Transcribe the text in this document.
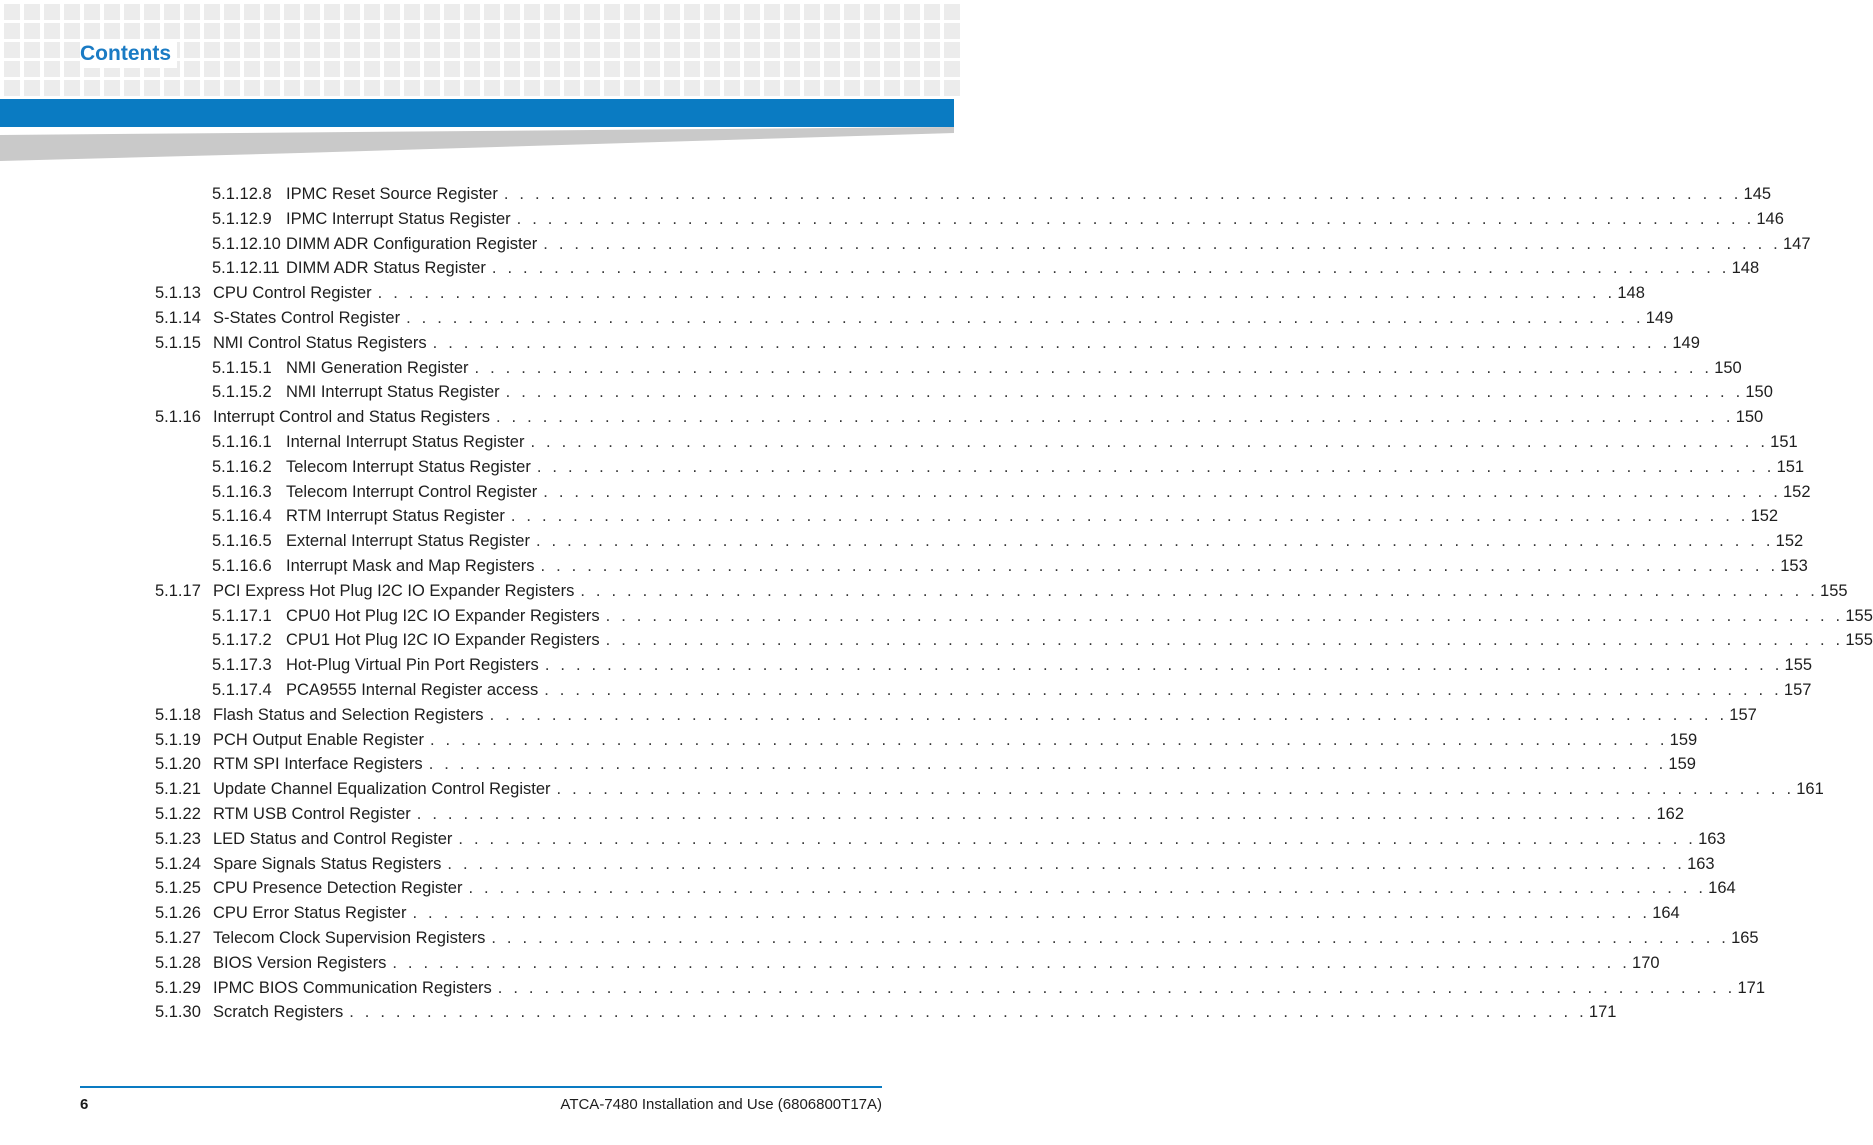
Contents
5.1.12.8 IPMC Reset Source Register . . . . . . . . . . . . . . . . . . . . . . . . . . . . . . . . . . . . . . . . . . . . . . . . . . . . . . . . . . . . . . . . . . . . . . . . . . . . . . . . 145
5.1.12.9 IPMC Interrupt Status Register . . . . . . . . . . . . . . . . . . . . . . . . . . . . . . . . . . . . . . . . . . . . . . . . . . . . . . . . . . . . . . . . . . . . . . . . . . . . . . . . 146
5.1.12.10 DIMM ADR Configuration Register . . . . . . . . . . . . . . . . . . . . . . . . . . . . . . . . . . . . . . . . . . . . . . . . . . . . . . . . . . . . . . . . . . . . . . . . . . . . . . . . 147
5.1.12.11 DIMM ADR Status Register . . . . . . . . . . . . . . . . . . . . . . . . . . . . . . . . . . . . . . . . . . . . . . . . . . . . . . . . . . . . . . . . . . . . . . . . . . . . . . . . 148
5.1.13 CPU Control Register . . . . . . . . . . . . . . . . . . . . . . . . . . . . . . . . . . . . . . . . . . . . . . . . . . . . . . . . . . . . . . . . . . . . . . . . . . . . . . . . 148
5.1.14 S-States Control Register . . . . . . . . . . . . . . . . . . . . . . . . . . . . . . . . . . . . . . . . . . . . . . . . . . . . . . . . . . . . . . . . . . . . . . . . . . . . . . . . 149
5.1.15 NMI Control Status Registers . . . . . . . . . . . . . . . . . . . . . . . . . . . . . . . . . . . . . . . . . . . . . . . . . . . . . . . . . . . . . . . . . . . . . . . . . . . . . . . . 149
5.1.15.1 NMI Generation Register . . . . . . . . . . . . . . . . . . . . . . . . . . . . . . . . . . . . . . . . . . . . . . . . . . . . . . . . . . . . . . . . . . . . . . . . . . . . . . . . 150
5.1.15.2 NMI Interrupt Status Register . . . . . . . . . . . . . . . . . . . . . . . . . . . . . . . . . . . . . . . . . . . . . . . . . . . . . . . . . . . . . . . . . . . . . . . . . . . . . . . . 150
5.1.16 Interrupt Control and Status Registers . . . . . . . . . . . . . . . . . . . . . . . . . . . . . . . . . . . . . . . . . . . . . . . . . . . . . . . . . . . . . . . . . . . . . . . . . . . . . . . . 150
5.1.16.1 Internal Interrupt Status Register . . . . . . . . . . . . . . . . . . . . . . . . . . . . . . . . . . . . . . . . . . . . . . . . . . . . . . . . . . . . . . . . . . . . . . . . . . . . . . . . 151
5.1.16.2 Telecom Interrupt Status Register . . . . . . . . . . . . . . . . . . . . . . . . . . . . . . . . . . . . . . . . . . . . . . . . . . . . . . . . . . . . . . . . . . . . . . . . . . . . . . . . 151
5.1.16.3 Telecom Interrupt Control Register . . . . . . . . . . . . . . . . . . . . . . . . . . . . . . . . . . . . . . . . . . . . . . . . . . . . . . . . . . . . . . . . . . . . . . . . . . . . . . . . 152
5.1.16.4 RTM Interrupt Status Register . . . . . . . . . . . . . . . . . . . . . . . . . . . . . . . . . . . . . . . . . . . . . . . . . . . . . . . . . . . . . . . . . . . . . . . . . . . . . . . . 152
5.1.16.5 External Interrupt Status Register . . . . . . . . . . . . . . . . . . . . . . . . . . . . . . . . . . . . . . . . . . . . . . . . . . . . . . . . . . . . . . . . . . . . . . . . . . . . . . . . 152
5.1.16.6 Interrupt Mask and Map Registers . . . . . . . . . . . . . . . . . . . . . . . . . . . . . . . . . . . . . . . . . . . . . . . . . . . . . . . . . . . . . . . . . . . . . . . . . . . . . . . . 153
5.1.17 PCI Express Hot Plug I2C IO Expander Registers . . . . . . . . . . . . . . . . . . . . . . . . . . . . . . . . . . . . . . . . . . . . . . . . . . . . . . . . . . . . . . . . . . . . . . . . . . . . . . . . 155
5.1.17.1 CPU0 Hot Plug I2C IO Expander Registers . . . . . . . . . . . . . . . . . . . . . . . . . . . . . . . . . . . . . . . . . . . . . . . . . . . . . . . . . . . . . . . . . . . . . . . . . . . . . . . . 155
5.1.17.2 CPU1 Hot Plug I2C IO Expander Registers . . . . . . . . . . . . . . . . . . . . . . . . . . . . . . . . . . . . . . . . . . . . . . . . . . . . . . . . . . . . . . . . . . . . . . . . . . . . . . . . 155
5.1.17.3 Hot-Plug Virtual Pin Port Registers . . . . . . . . . . . . . . . . . . . . . . . . . . . . . . . . . . . . . . . . . . . . . . . . . . . . . . . . . . . . . . . . . . . . . . . . . . . . . . . . 155
5.1.17.4 PCA9555 Internal Register access . . . . . . . . . . . . . . . . . . . . . . . . . . . . . . . . . . . . . . . . . . . . . . . . . . . . . . . . . . . . . . . . . . . . . . . . . . . . . . . . 157
5.1.18 Flash Status and Selection Registers . . . . . . . . . . . . . . . . . . . . . . . . . . . . . . . . . . . . . . . . . . . . . . . . . . . . . . . . . . . . . . . . . . . . . . . . . . . . . . . . 157
5.1.19 PCH Output Enable Register . . . . . . . . . . . . . . . . . . . . . . . . . . . . . . . . . . . . . . . . . . . . . . . . . . . . . . . . . . . . . . . . . . . . . . . . . . . . . . . . 159
5.1.20 RTM SPI Interface Registers . . . . . . . . . . . . . . . . . . . . . . . . . . . . . . . . . . . . . . . . . . . . . . . . . . . . . . . . . . . . . . . . . . . . . . . . . . . . . . . . 159
5.1.21 Update Channel Equalization Control Register . . . . . . . . . . . . . . . . . . . . . . . . . . . . . . . . . . . . . . . . . . . . . . . . . . . . . . . . . . . . . . . . . . . . . . . . . . . . . . . . 161
5.1.22 RTM USB Control Register . . . . . . . . . . . . . . . . . . . . . . . . . . . . . . . . . . . . . . . . . . . . . . . . . . . . . . . . . . . . . . . . . . . . . . . . . . . . . . . . 162
5.1.23 LED Status and Control Register . . . . . . . . . . . . . . . . . . . . . . . . . . . . . . . . . . . . . . . . . . . . . . . . . . . . . . . . . . . . . . . . . . . . . . . . . . . . . . . . 163
5.1.24 Spare Signals Status Registers . . . . . . . . . . . . . . . . . . . . . . . . . . . . . . . . . . . . . . . . . . . . . . . . . . . . . . . . . . . . . . . . . . . . . . . . . . . . . . . . 163
5.1.25 CPU Presence Detection Register . . . . . . . . . . . . . . . . . . . . . . . . . . . . . . . . . . . . . . . . . . . . . . . . . . . . . . . . . . . . . . . . . . . . . . . . . . . . . . . . 164
5.1.26 CPU Error Status Register . . . . . . . . . . . . . . . . . . . . . . . . . . . . . . . . . . . . . . . . . . . . . . . . . . . . . . . . . . . . . . . . . . . . . . . . . . . . . . . . 164
5.1.27 Telecom Clock Supervision Registers . . . . . . . . . . . . . . . . . . . . . . . . . . . . . . . . . . . . . . . . . . . . . . . . . . . . . . . . . . . . . . . . . . . . . . . . . . . . . . . . 165
5.1.28 BIOS Version Registers . . . . . . . . . . . . . . . . . . . . . . . . . . . . . . . . . . . . . . . . . . . . . . . . . . . . . . . . . . . . . . . . . . . . . . . . . . . . . . . . 170
5.1.29 IPMC BIOS Communication Registers . . . . . . . . . . . . . . . . . . . . . . . . . . . . . . . . . . . . . . . . . . . . . . . . . . . . . . . . . . . . . . . . . . . . . . . . . . . . . . . . 171
5.1.30 Scratch Registers . . . . . . . . . . . . . . . . . . . . . . . . . . . . . . . . . . . . . . . . . . . . . . . . . . . . . . . . . . . . . . . . . . . . . . . . . . . . . . . . 171
6	ATCA-7480 Installation and Use (6806800T17A)
